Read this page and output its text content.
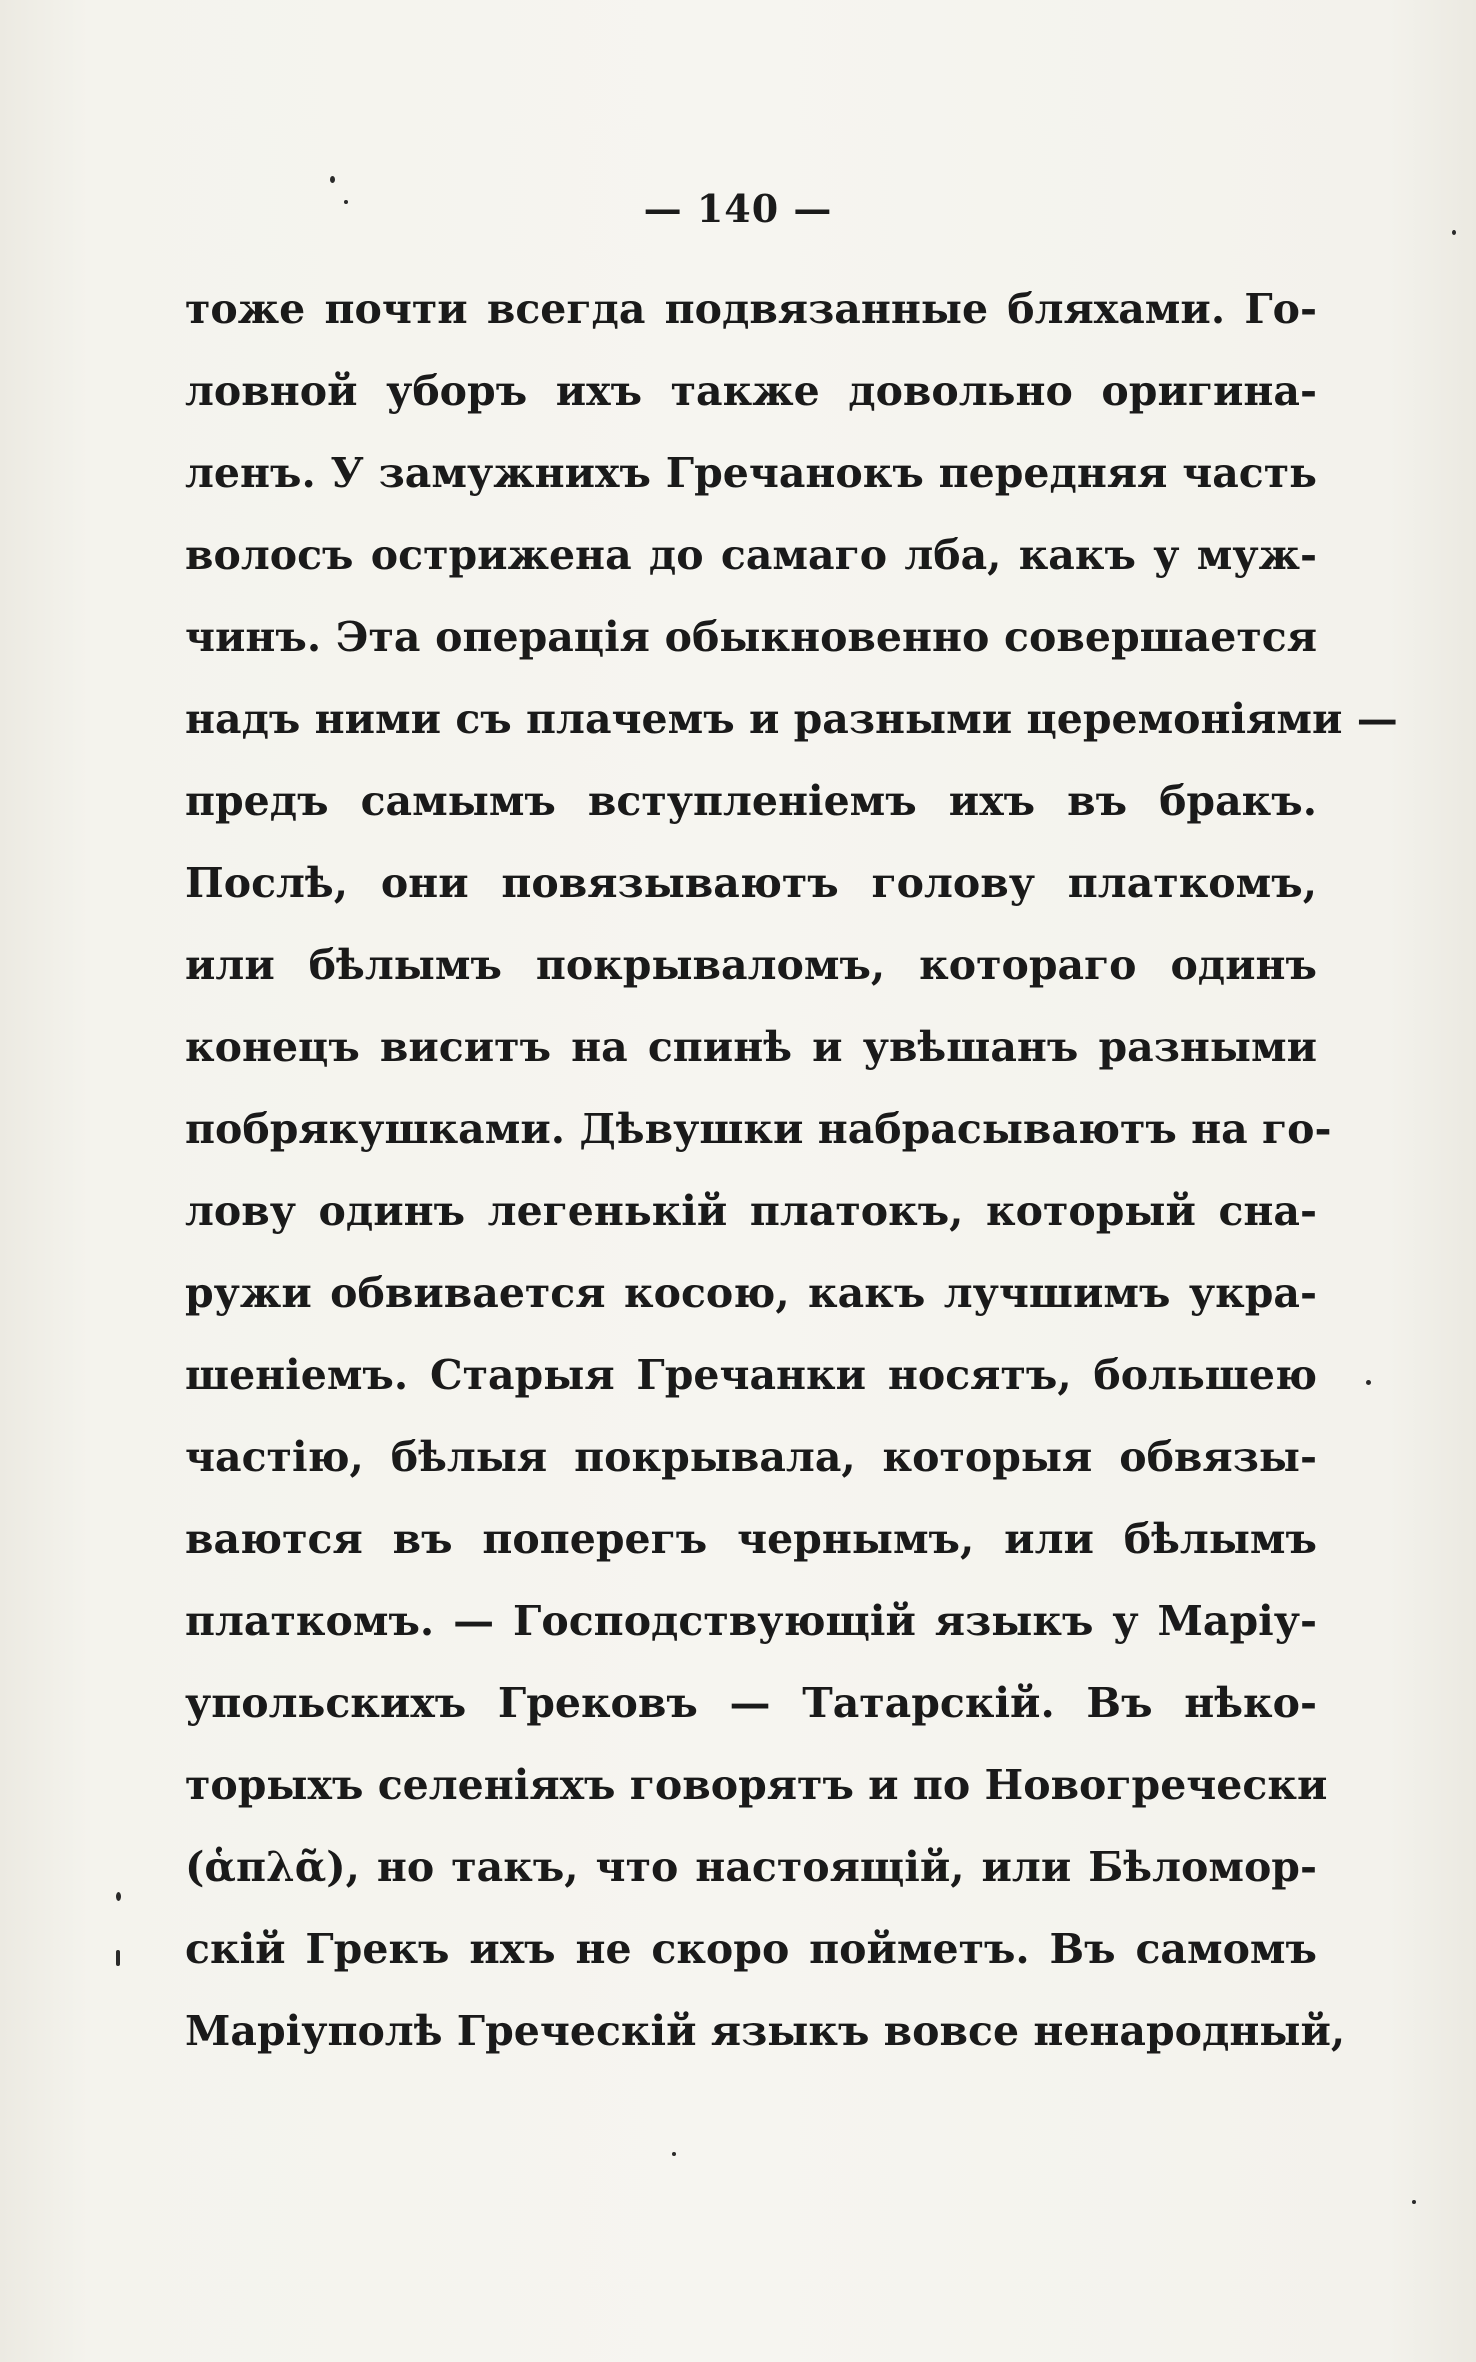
— 140 —
тоже почти всегда подвязанные бляхами. Го-
ловной уборъ ихъ также довольно оригина-
ленъ. У замужнихъ Гречанокъ передняя часть
волосъ острижена до самаго лба, какъ у муж-
чинъ. Эта операція обыкновенно совершается
надъ ними съ плачемъ и разными церемоніями —
предъ самымъ вступленіемъ ихъ въ бракъ.
Послѣ, они повязываютъ голову платкомъ,
или бѣлымъ покрываломъ, котораго одинъ
конецъ виситъ на спинѣ и увѣшанъ разными
побрякушками. Дѣвушки набрасываютъ на го-
лову одинъ легенькій платокъ, который сна-
ружи обвивается косою, какъ лучшимъ укра-
шеніемъ. Старыя Гречанки носятъ, большею
частію, бѣлыя покрывала, которыя обвязы-
ваются въ поперегъ чернымъ, или бѣлымъ
платкомъ. — Господствующій языкъ у Маріу-
упольскихъ Грековъ — Татарскій. Въ нѣко-
торыхъ селеніяхъ говорятъ и по Новогречески
(ἁπλᾶ), но такъ, что настоящій, или Бѣломор-
скій Грекъ ихъ не скоро пойметъ. Въ самомъ
Маріуполѣ Греческій языкъ вовсе ненародный,
